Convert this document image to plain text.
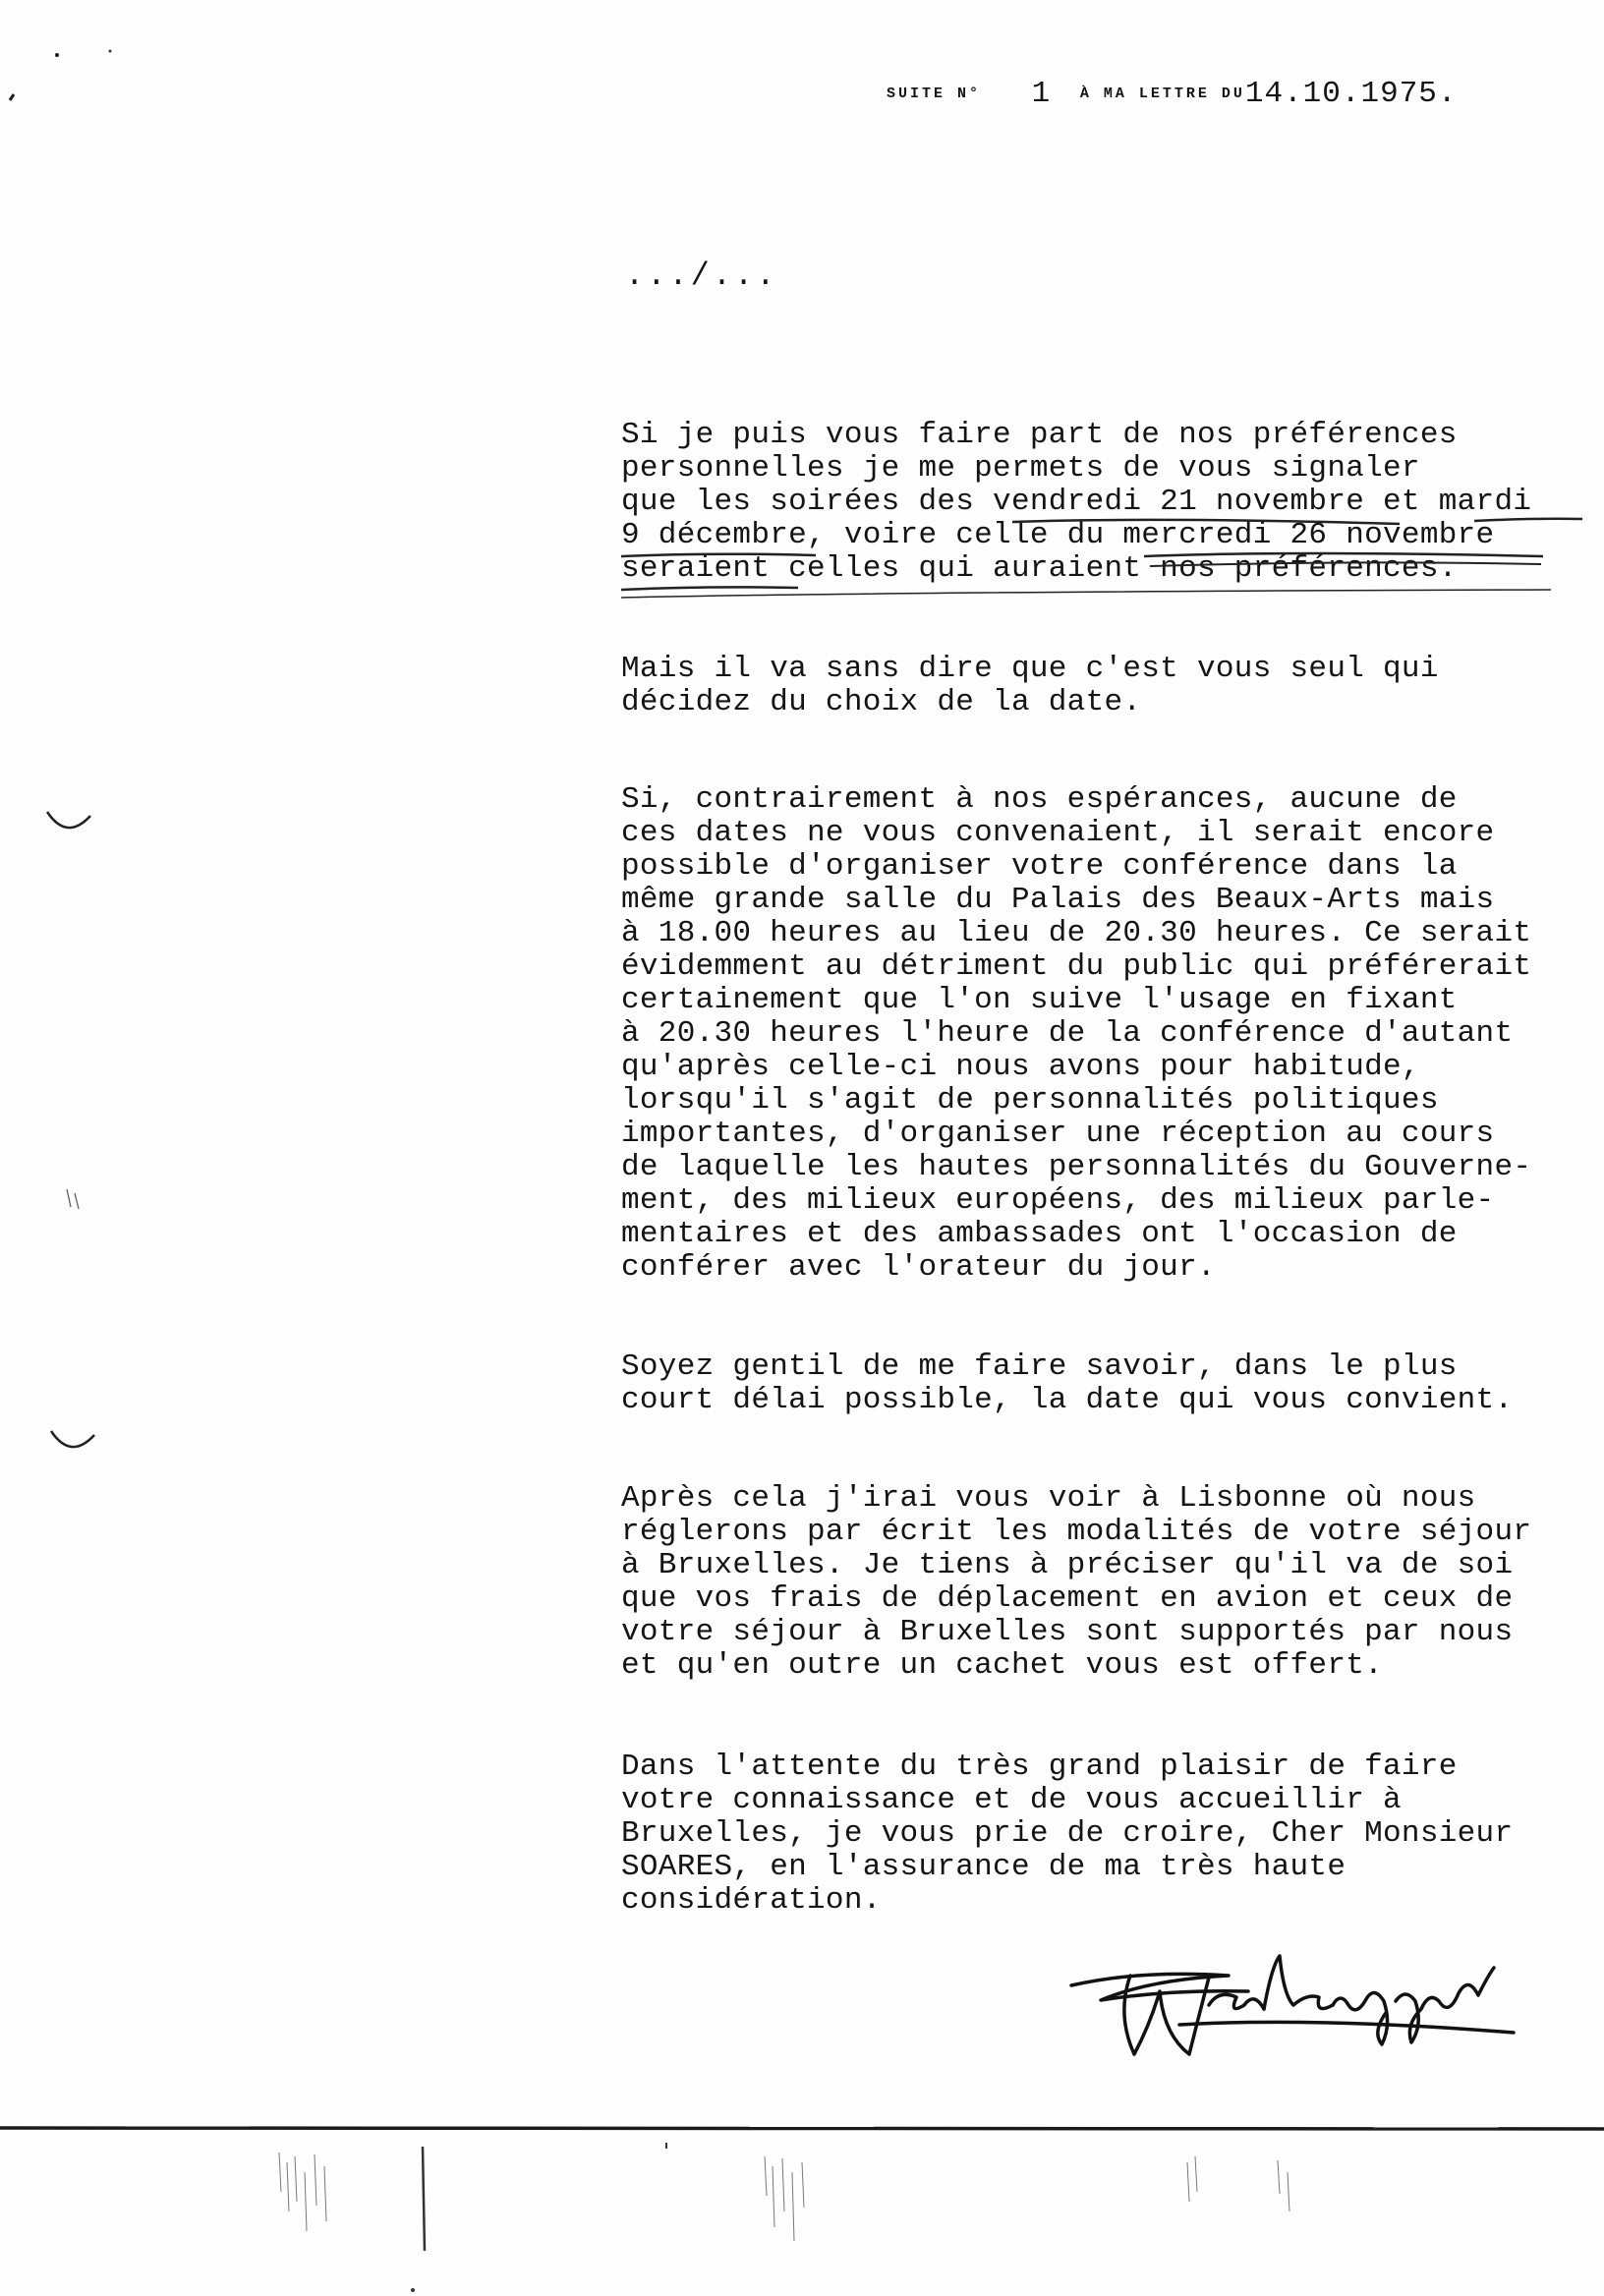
SUITE N° 1 À MA LETTRE DU14.10.1975.
.../...
Si je puis vous faire part de nos préférences
personnelles je me permets de vous signaler
que les soirées des vendredi 21 novembre et mardi
9 décembre, voire celle du mercredi 26 novembre
seraient celles qui auraient nos préférences.
Mais il va sans dire que c'est vous seul qui
décidez du choix de la date.
Si, contrairement à nos espérances, aucune de
ces dates ne vous convenaient, il serait encore
possible d'organiser votre conférence dans la
même grande salle du Palais des Beaux-Arts mais
à 18.00 heures au lieu de 20.30 heures. Ce serait
évidemment au détriment du public qui préférerait
certainement que l'on suive l'usage en fixant
à 20.30 heures l'heure de la conférence d'autant
qu'après celle-ci nous avons pour habitude,
lorsqu'il s'agit de personnalités politiques
importantes, d'organiser une réception au cours
de laquelle les hautes personnalités du Gouverne-
ment, des milieux européens, des milieux parle-
mentaires et des ambassades ont l'occasion de
conférer avec l'orateur du jour.
Soyez gentil de me faire savoir, dans le plus
court délai possible, la date qui vous convient.
Après cela j'irai vous voir à Lisbonne où nous
réglerons par écrit les modalités de votre séjour
à Bruxelles. Je tiens à préciser qu'il va de soi
que vos frais de déplacement en avion et ceux de
votre séjour à Bruxelles sont supportés par nous
et qu'en outre un cachet vous est offert.
Dans l'attente du très grand plaisir de faire
votre connaissance et de vous accueillir à
Bruxelles, je vous prie de croire, Cher Monsieur
SOARES, en l'assurance de ma très haute
considération.
